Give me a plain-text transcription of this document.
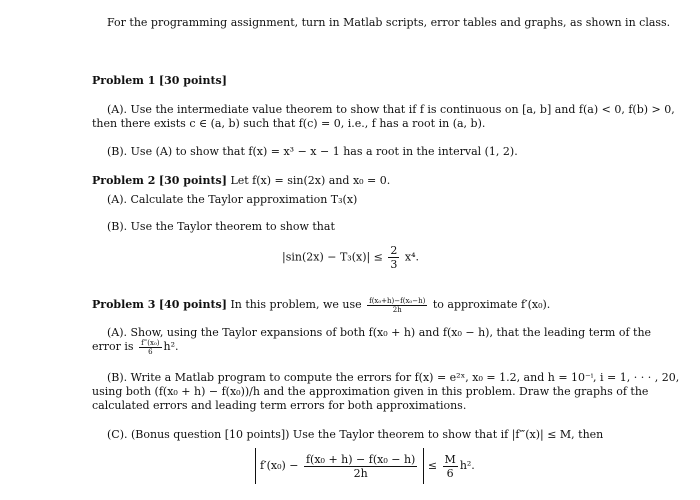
For the programming assignment, turn in Matlab scripts, error tables and graphs, as shown in class.
Problem 1 [30 points]
(A). Use the intermediate value theorem to show that if f is continuous on [a, b] and f(a) < 0, f(b) > 0,
then there exists c ∈ (a, b) such that f(c) = 0, i.e., f has a root in (a, b).
(B). Use (A) to show that f(x) = x³ − x − 1 has a root in the interval (1, 2).
Problem 2 [30 points] Let f(x) = sin(2x) and x₀ = 0.
(A). Calculate the Taylor approximation T₃(x)
(B). Use the Taylor theorem to show that
$|\sin(2x) - T_3(x)| \le \frac{2}{3} x^4$.
Problem 3 [40 points] In this problem, we use $\frac{\text{f(x₀+h)−f(x₀−h)}}{2h}$ to approximate f′(x₀).
(A). Show, using the Taylor expansions of both f(x₀ + h) and f(x₀ − h), that the leading term of the
error is $\frac{\text{f‴(x₀)}}{6} h^2$.
(B). Write a Matlab program to compute the errors for f(x) = e²ˣ, x₀ = 1.2, and h = 10⁻ⁱ, i = 1, · · · , 20,
using both (f(x₀ + h) − f(x₀))/h and the approximation given in this problem. Draw the graphs of the
calculated errors and leading term errors for both approximations.
(C). (Bonus question [10 points]) Use the Taylor theorem to show that if |f‴(x)| ≤ M, then
$f'(x_0) - \frac{\text{f(x₀ + h) − f(x₀ − h)}}{2h} \le \frac{M}{6} h^2$.
